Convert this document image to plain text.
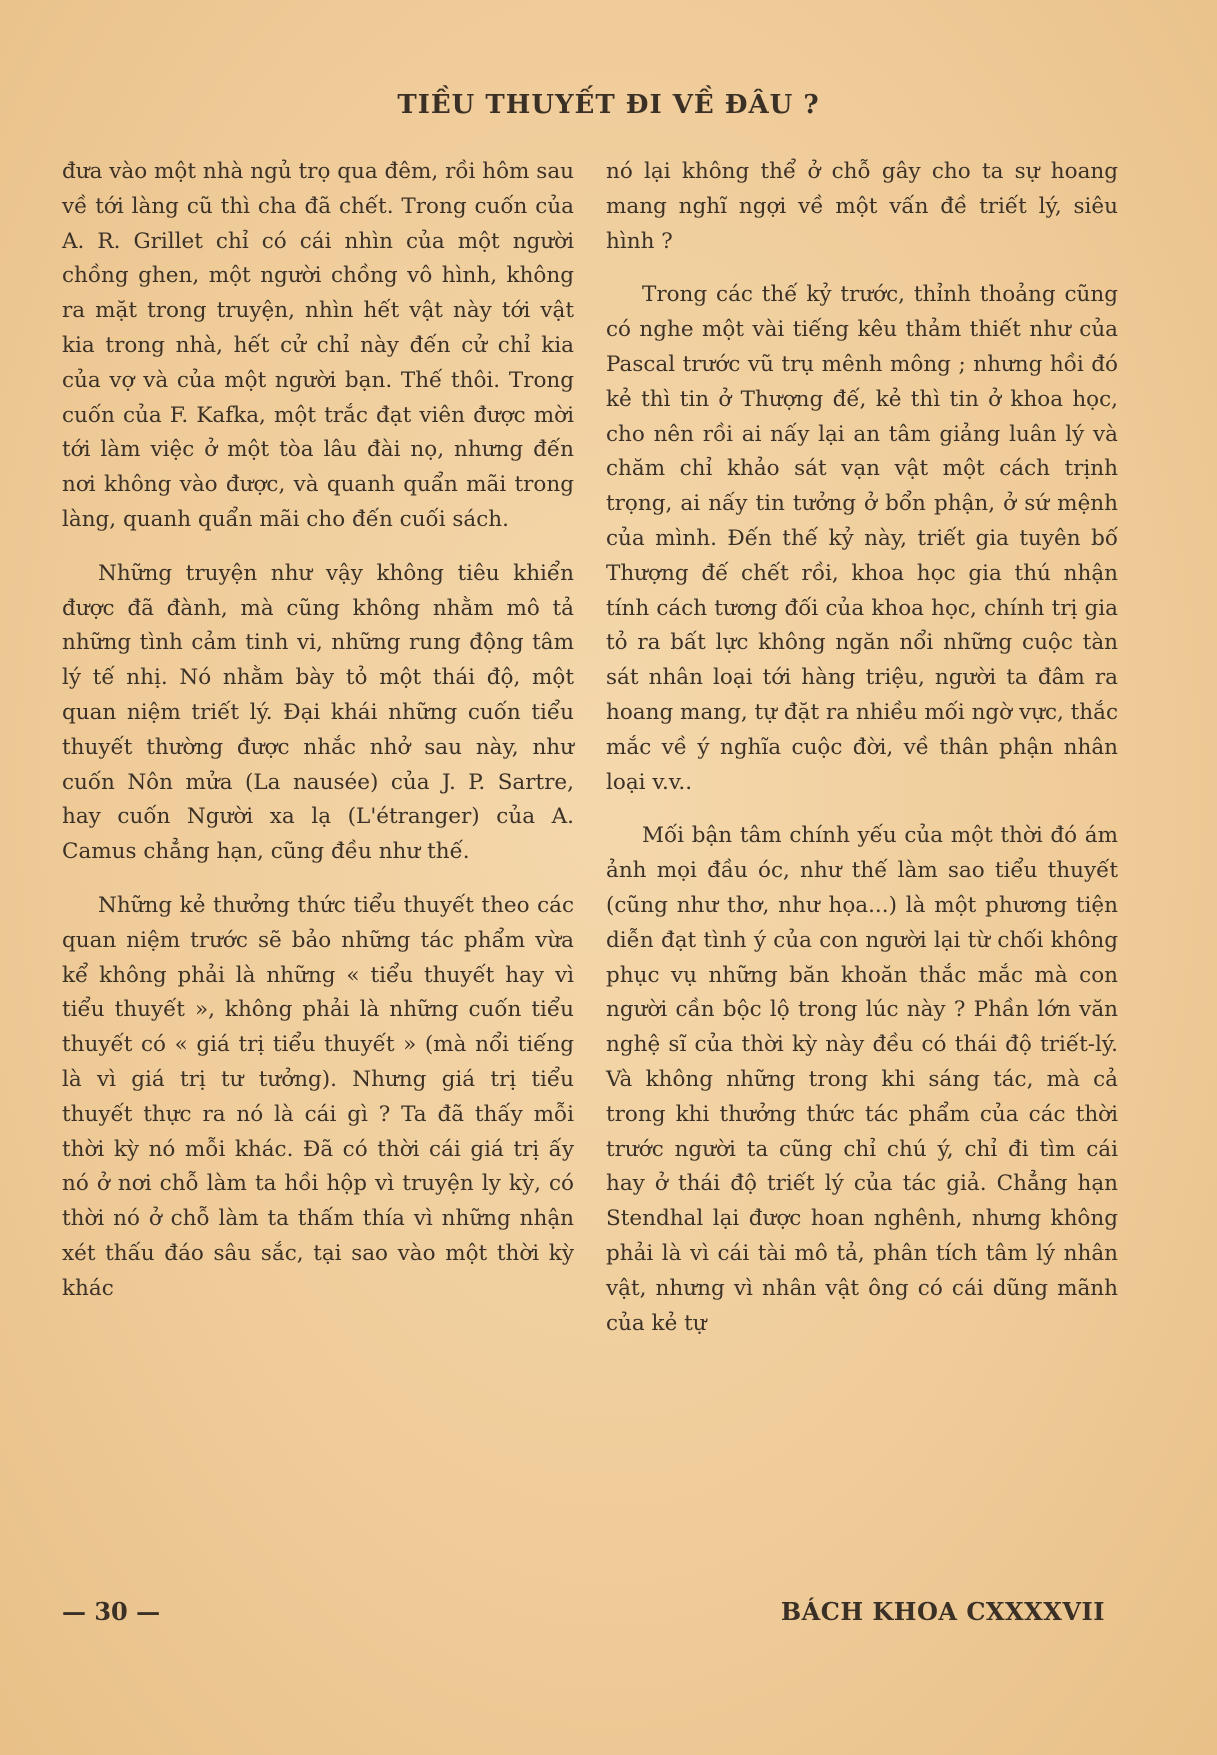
TIỀU THUYẾT ĐI VỀ ĐÂU ?

đưa vào một nhà ngủ trọ qua đêm, rồi hôm sau về tới làng cũ thì cha đã chết. Trong cuốn của A. R. Grillet chỉ có cái nhìn của một người chồng ghen, một người chồng vô hình, không ra mặt trong truyện, nhìn hết vật này tới vật kia trong nhà, hết cử chỉ này đến cử chỉ kia của vợ và của một người bạn. Thế thôi. Trong cuốn của F. Kafka, một trắc đạt viên được mời tới làm việc ở một tòa lâu đài nọ, nhưng đến nơi không vào được, và quanh quẩn mãi trong làng, quanh quẩn mãi cho đến cuối sách.

Những truyện như vậy không tiêu khiển được đã đành, mà cũng không nhằm mô tả những tình cảm tinh vi, những rung động tâm lý tế nhị. Nó nhằm bày tỏ một thái độ, một quan niệm triết lý. Đại khái những cuốn tiểu thuyết thường được nhắc nhở sau này, như cuốn Nôn mửa (La nausée) của J. P. Sartre, hay cuốn Người xa lạ (L'étranger) của A. Camus chẳng hạn, cũng đều như thế.

Những kẻ thưởng thức tiểu thuyết theo các quan niệm trước sẽ bảo những tác phẩm vừa kể không phải là những « tiểu thuyết hay vì tiểu thuyết », không phải là những cuốn tiểu thuyết có « giá trị tiểu thuyết » (mà nổi tiếng là vì giá trị tư tưởng). Nhưng giá trị tiểu thuyết thực ra nó là cái gì ? Ta đã thấy mỗi thời kỳ nó mỗi khác. Đã có thời cái giá trị ấy nó ở nơi chỗ làm ta hồi hộp vì truyện ly kỳ, có thời nó ở chỗ làm ta thấm thía vì những nhận xét thấu đáo sâu sắc, tại sao vào một thời kỳ khác

nó lại không thể ở chỗ gây cho ta sự hoang mang nghĩ ngợi về một vấn đề triết lý, siêu hình ?

Trong các thế kỷ trước, thỉnh thoảng cũng có nghe một vài tiếng kêu thảm thiết như của Pascal trước vũ trụ mênh mông ; nhưng hồi đó kẻ thì tin ở Thượng đế, kẻ thì tin ở khoa học, cho nên rồi ai nấy lại an tâm giảng luân lý và chăm chỉ khảo sát vạn vật một cách trịnh trọng, ai nấy tin tưởng ở bổn phận, ở sứ mệnh của mình. Đến thế kỷ này, triết gia tuyên bố Thượng đế chết rồi, khoa học gia thú nhận tính cách tương đối của khoa học, chính trị gia tỏ ra bất lực không ngăn nổi những cuộc tàn sát nhân loại tới hàng triệu, người ta đâm ra hoang mang, tự đặt ra nhiều mối ngờ vực, thắc mắc về ý nghĩa cuộc đời, về thân phận nhân loại v.v..

Mối bận tâm chính yếu của một thời đó ám ảnh mọi đầu óc, như thế làm sao tiểu thuyết (cũng như thơ, như họa...) là một phương tiện diễn đạt tình ý của con người lại từ chối không phục vụ những băn khoăn thắc mắc mà con người cần bộc lộ trong lúc này ? Phần lớn văn nghệ sĩ của thời kỳ này đều có thái độ triết-lý. Và không những trong khi sáng tác, mà cả trong khi thưởng thức tác phẩm của các thời trước người ta cũng chỉ chú ý, chỉ đi tìm cái hay ở thái độ triết lý của tác giả. Chẳng hạn Stendhal lại được hoan nghênh, nhưng không phải là vì cái tài mô tả, phân tích tâm lý nhân vật, nhưng vì nhân vật ông có cái dũng mãnh của kẻ tự

— 30 —	BÁCH KHOA CXXXXVII
